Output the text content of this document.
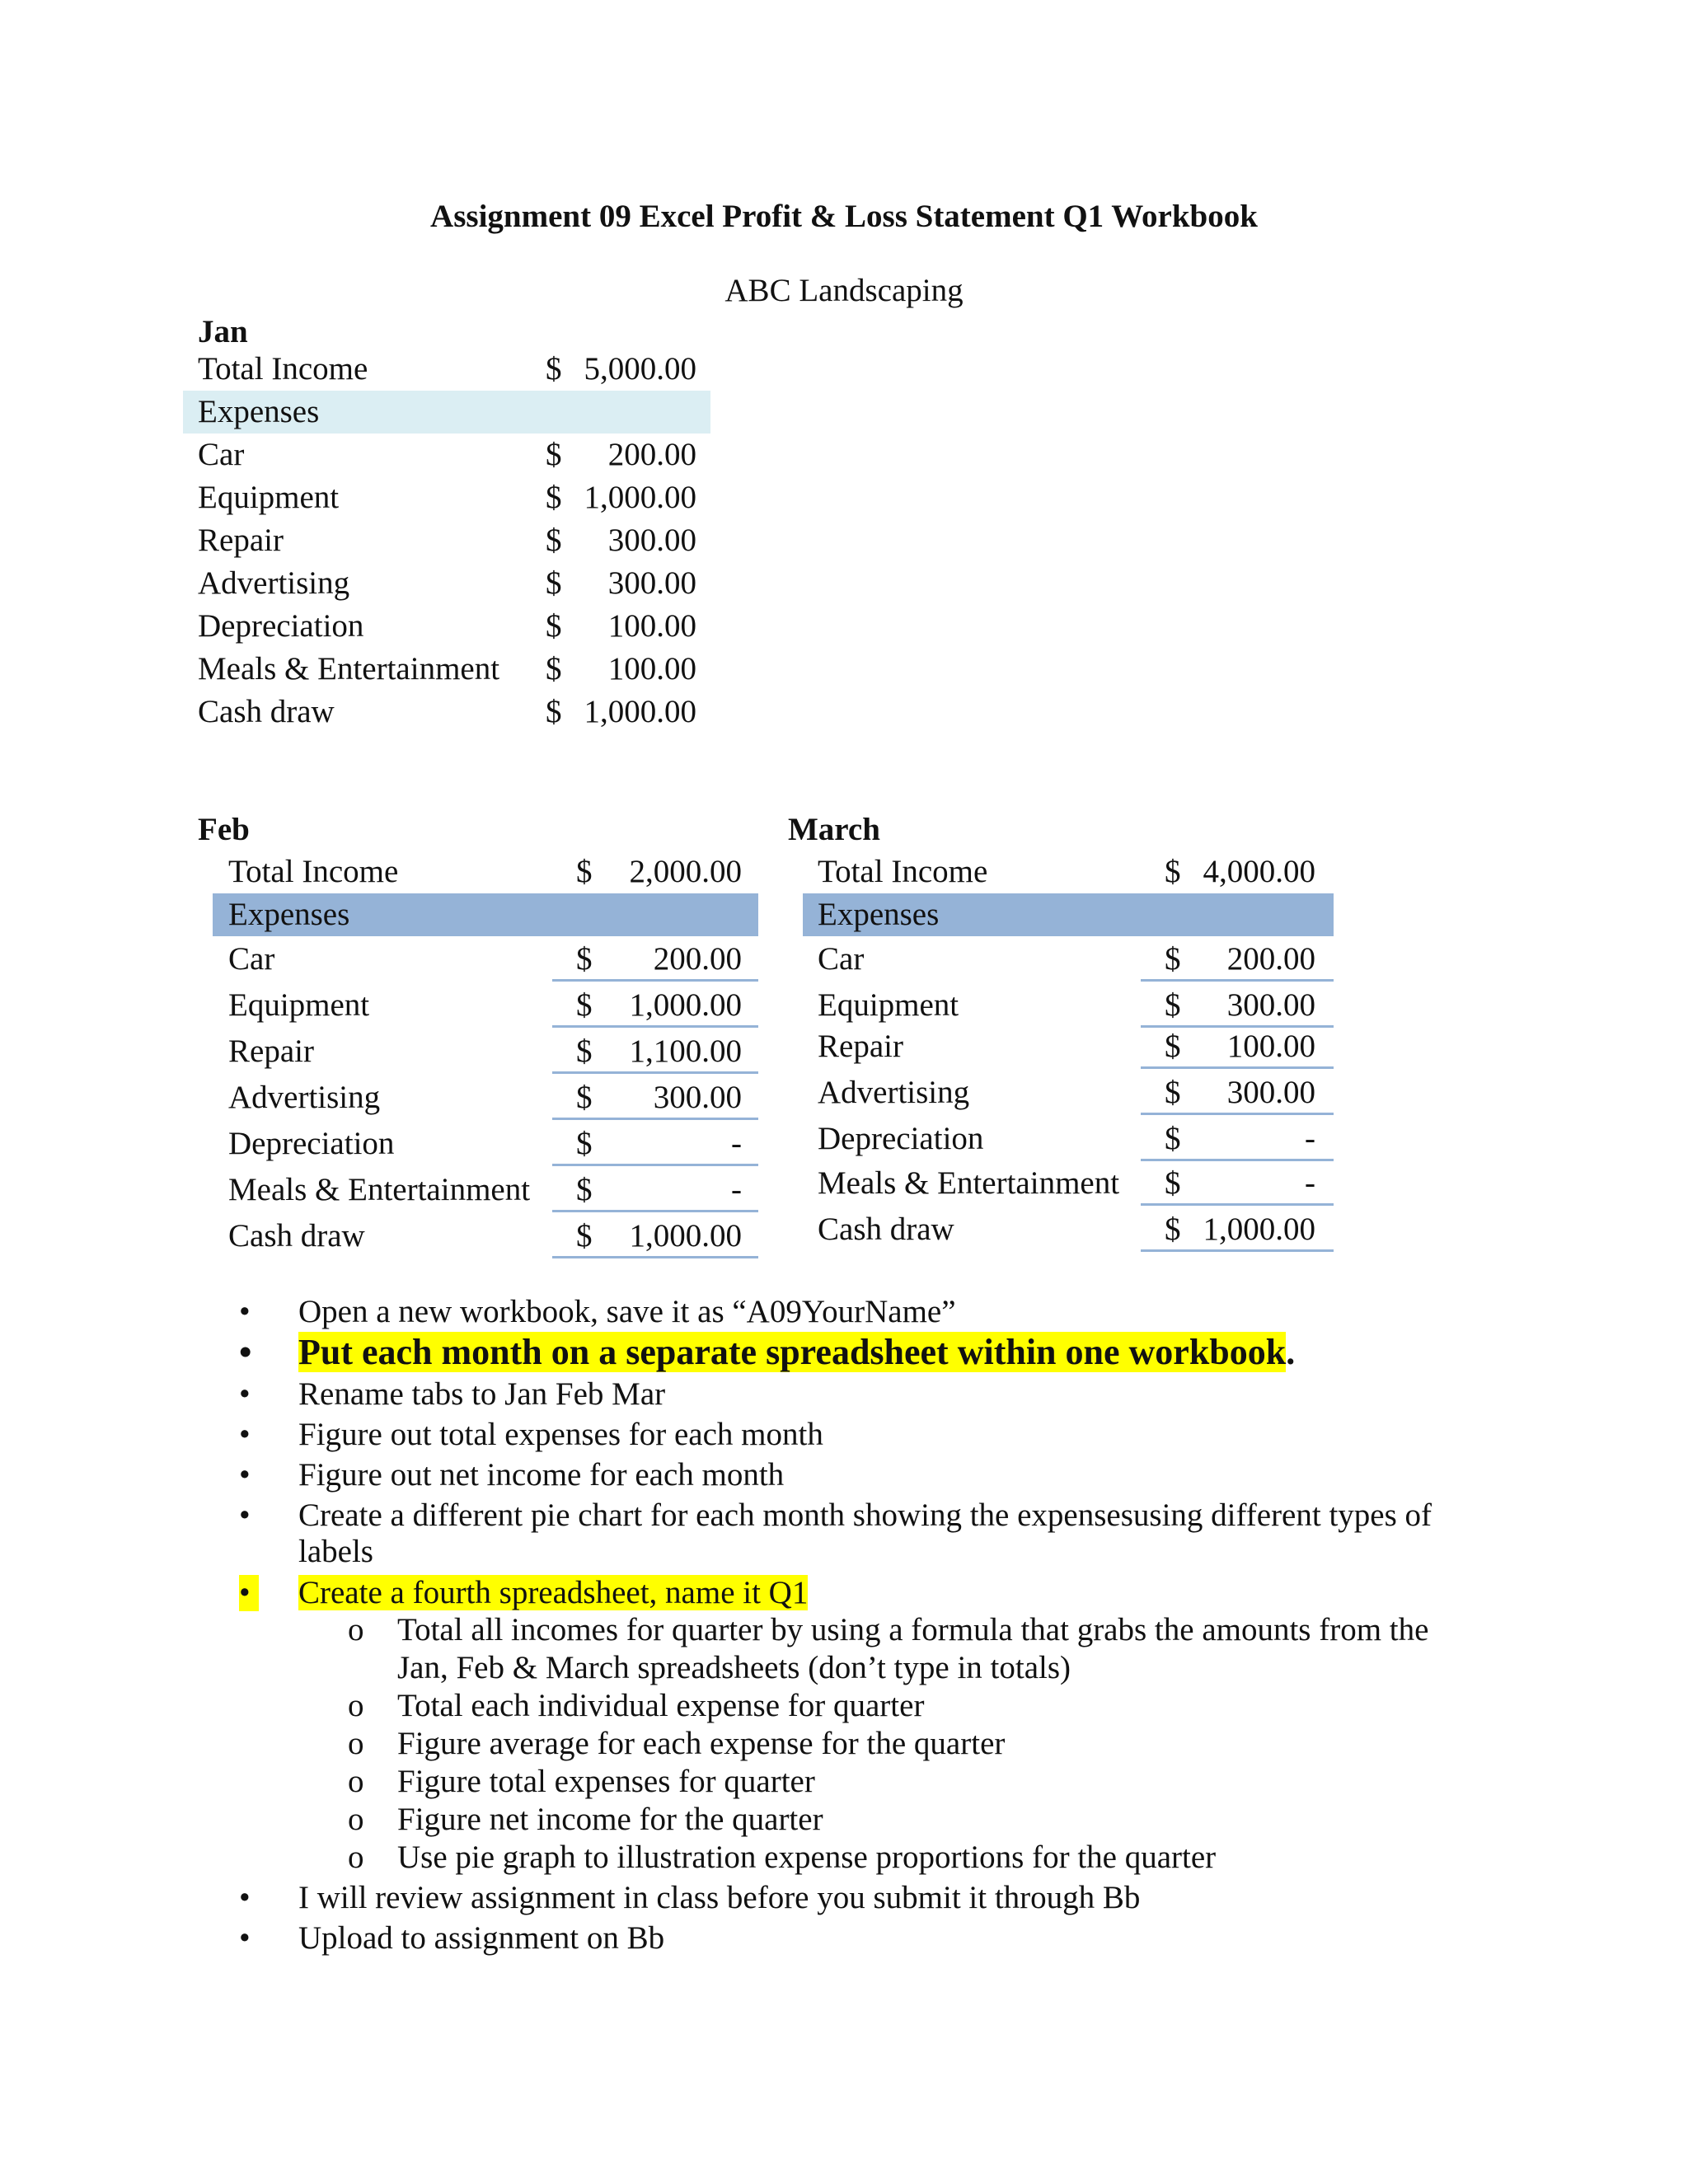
Assignment 09 Excel Profit & Loss Statement Q1 Workbook
ABC Landscaping
Jan
Total Income	$ 5,000.00
Expenses
Car	$ 200.00
Equipment	$ 1,000.00
Repair	$ 300.00
Advertising	$ 300.00
Depreciation	$ 100.00
Meals & Entertainment $ 100.00
Cash draw	$ 1,000.00
Feb
Total Income	$ 2,000.00
Expenses
Car	$ 200.00
Equipment	$ 1,000.00
Repair	$ 1,100.00
Advertising	$ 300.00
Depreciation	$	-
Meals & Entertainment $	-
Cash draw	$ 1,000.00
March
Total Income	$ 4,000.00
Expenses
Car	$ 200.00
Equipment	$ 300.00
Repair	$ 100.00
Advertising	$ 300.00
Depreciation	$	-
Meals & Entertainment $	-
Cash draw	$ 1,000.00
•	Open a new workbook, save it as “A09YourName”
•	Put each month on a separate spreadsheet within one workbook.
•	Rename tabs to Jan Feb Mar
•	Figure out total expenses for each month
•	Figure out net income for each month
•	Create a different pie chart for each month showing the expensesusing different types of labels
• Create a fourth spreadsheet, name it Q1
o Total all incomes for quarter by using a formula that grabs the amounts from the Jan, Feb & March spreadsheets (don’t type in totals)
o Total each individual expense for quarter
o Figure average for each expense for the quarter
o Figure total expenses for quarter
o Figure net income for the quarter
o Use pie graph to illustration expense proportions for the quarter
•	I will review assignment in class before you submit it through Bb
•	Upload to assignment on Bb
